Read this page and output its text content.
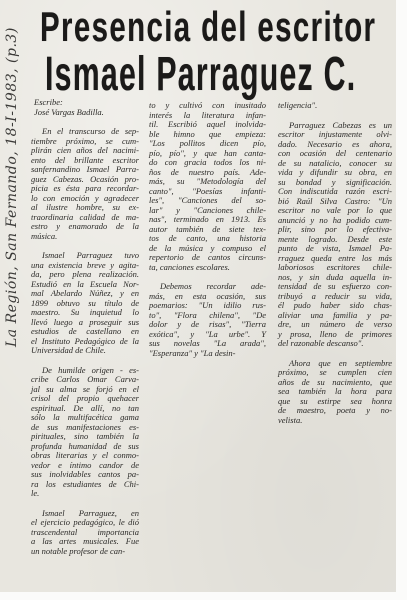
La Región, San Fernando, 18-I-1983, (p.3)
Presencia del escritor
Ismael Parraguez C.
Escribe:
José Vargas Badilla.
En el transcurso de sep-
tiembre próximo, se cum-
plirán cien años del nacimi-
ento del brillante escritor
sanfernandino Ismael Parra-
guez Cabezas. Ocasión pro-
picia es ésta para recordar-
lo con emoción y agradecer
al ilustre hombre, su ex-
traordinaria calidad de ma-
estro y enamorado de la
música.
Ismael Parraguez tuvo
una existencia breve y agita-
da, pero plena realización.
Estudió en la Escuela Nor-
mal Abelardo Núñez, y en
1899 obtuvo su título de
maestro. Su inquietud lo
llevó luego a proseguir sus
estudios de castellano en
el Instituto Pedagógico de la
Universidad de Chile.
De humilde origen - es-
cribe Carlos Omar Carva-
jal su alma se forjó en el
crisol del propio quehacer
espiritual. De allí, no tan
sólo la multifacética gama
de sus manifestaciones es-
pirituales, sino también la
profunda humanidad de sus
obras literarias y el conmo-
vedor e íntimo candor de
sus inolvidables cantos pa-
ra los estudiantes de Chi-
le.
Ismael Parraguez, en
el ejercicio pedagógico, le dió
trascendental importancia
a las artes musicales. Fue
un notable profesor de can-
to y cultivó con inusitado
interés la literatura infan-
til. Escribió aquel inolvida-
ble himno que empieza:
"Los pollitos dicen pío,
pío, pío", y que han canta-
do con gracia todos los ni-
ños de nuestro país. Ade-
más, su "Metodología del
canto", "Poesías infanti-
les", "Canciones del so-
lar" y "Canciones chile-
nas", terminado en 1913. Es
autor también de siete tex-
tos de canto, una historia
de la música y compuso el
repertorio de cantos circuns-
ta, canciones escolares.
Debemos recordar ade-
más, en esta ocasión, sus
poemarios: "Un idilio rus-
to", "Flora chilena", "De
dolor y de risas", "Tierra
exótica", y "La urbe". Y
sus novelas "La arada",
"Esperanza" y "La desin-
teligencia".
Parraguez Cabezas es un
escritor injustamente olvi-
dado. Necesario es ahora,
con ocasión del centenario
de su natalicio, conocer su
vida y difundir su obra, en
su bondad y significación.
Con indiscutida razón escri-
bió Raúl Silva Castro: "Un
escritor no vale por lo que
anunció y no ha podido cum-
plir, sino por lo efectiva-
mente logrado. Desde este
punto de vista, Ismael Pa-
rraguez queda entre los más
laboriosos escritores chile-
nos, y sin duda aquella in-
tensidad de su esfuerzo con-
tribuyó a reducir su vida,
él pudo haber sido chas-
aliviar una familia y pa-
dre, un número de verso
y prosa, lleno de primores
del razonable descanso".
Ahora que en septiembre
próximo, se cumplen cien
años de su nacimiento, que
sea también la hora para
que su estirpe sea honra
de maestro, poeta y no-
velista.
